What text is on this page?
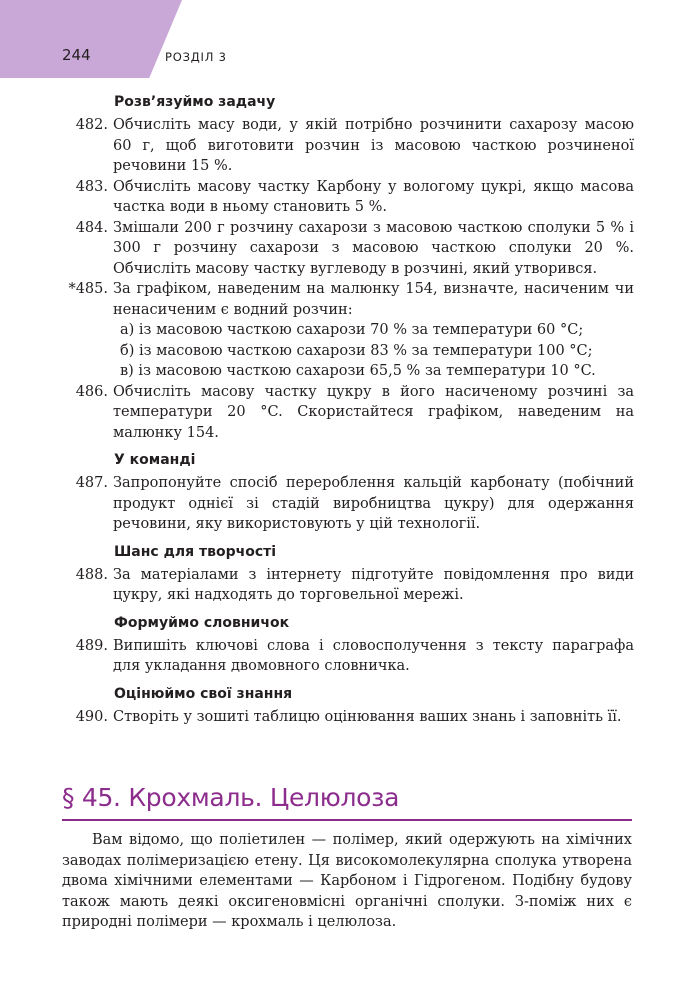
244	РОЗДІЛ 3
Розв’язуймо задачу
482. Обчисліть масу води, у якій потрібно розчинити сахарозу масою 60 г, щоб виготовити розчин із масовою часткою розчиненої речовини 15 %.
483. Обчисліть масову частку Карбону у вологому цукрі, якщо масова частка води в ньому становить 5 %.
484. Змішали 200 г розчину сахарози з масовою часткою сполуки 5 % і 300 г розчину сахарози з масовою часткою сполуки 20 %. Обчисліть масову частку вуглеводу в розчині, який утворився.
*485. За графіком, наведеним на малюнку 154, визначте, насиченим чи ненасиченим є водний розчин:
а) із масовою часткою сахарози 70 % за температури 60 °C;
б) із масовою часткою сахарози 83 % за температури 100 °C;
в) із масовою часткою сахарози 65,5 % за температури 10 °C.
486. Обчисліть масову частку цукру в його насиченому розчині за температури 20 °C. Скористайтеся графіком, наведеним на малюнку 154.
У команді
487. Запропонуйте спосіб перероблення кальцій карбонату (побічний продукт однієї зі стадій виробництва цукру) для одержання речовини, яку використовують у цій технології.
Шанс для творчості
488. За матеріалами з інтернету підготуйте повідомлення про види цукру, які надходять до торговельної мережі.
Формуймо словничок
489. Випишіть ключові слова і словосполучення з тексту параграфа для укладання двомовного словничка.
Оцінюймо свої знання
490. Створіть у зошиті таблицю оцінювання ваших знань і заповніть її.
§ 45. Крохмаль. Целюлоза
Вам відомо, що поліетилен — полімер, який одержують на хімічних заводах полімеризацією етену. Ця високомолекулярна сполука утворена двома хімічними елементами — Карбоном і Гідрогеном. Подібну будову також мають деякі оксигеновмісні органічні сполуки. З-поміж них є природні полімери — крохмаль і целюлоза.
